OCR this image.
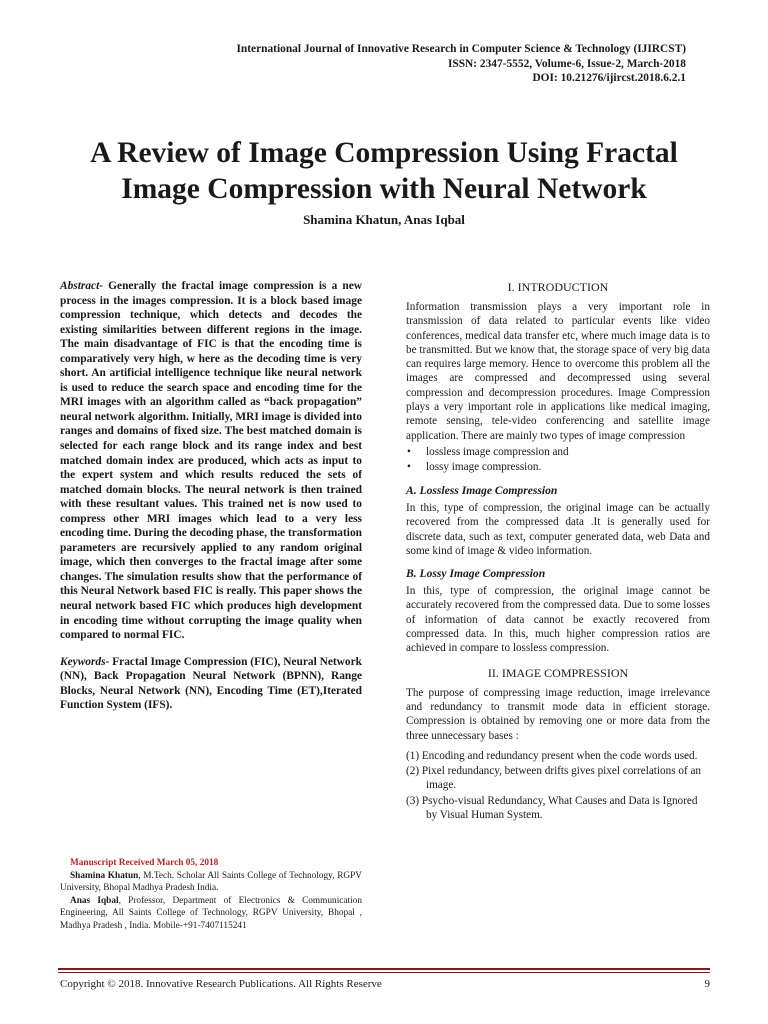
International Journal of Innovative Research in Computer Science & Technology (IJIRCST)
ISSN: 2347-5552, Volume-6, Issue-2, March-2018
DOI: 10.21276/ijircst.2018.6.2.1
A Review of Image Compression Using Fractal
Image Compression with Neural Network
Shamina Khatun, Anas Iqbal

Abstract- Generally the fractal image compression is a new process in the images compression. It is a block based image compression technique, which detects and decodes the existing similarities between different regions in the image. The main disadvantage of FIC is that the encoding time is comparatively very high, w here as the decoding time is very short. An artificial intelligence technique like neural network is used to reduce the search space and encoding time for the MRI images with an algorithm called as “back propagation” neural network algorithm. Initially, MRI image is divided into ranges and domains of fixed size. The best matched domain is selected for each range block and its range index and best matched domain index are produced, which acts as input to the expert system and which results reduced the sets of matched domain blocks. The neural network is then trained with these resultant values. This trained net is now used to compress other MRI images which lead to a very less encoding time. During the decoding phase, the transformation parameters are recursively applied to any random original image, which then converges to the fractal image after some changes. The simulation results show that the performance of this Neural Network based FIC is really. This paper shows the neural network based FIC which produces high development in encoding time without corrupting the image quality when compared to normal FIC.

Keywords- Fractal Image Compression (FIC), Neural Network (NN), Back Propagation Neural Network (BPNN), Range Blocks, Neural Network (NN), Encoding Time (ET),Iterated Function System (IFS).

Manuscript Received March 05, 2018

Shamina Khatun, M.Tech. Scholar All Saints College of Technology, RGPV University, Bhopal Madhya Pradesh India.

Anas Iqbal, Professor, Department of Electronics & Communication Engineering, All Saints College of Technology, RGPV University, Bhopal , Madhya Pradesh , India. Mobile-+91-7407115241

I. INTRODUCTION

Information transmission plays a very important role in transmission of data related to particular events like video conferences, medical data transfer etc, where much image data is to be transmitted. But we know that, the storage space of very big data can requires large memory. Hence to overcome this problem all the images are compressed and decompressed using several compression and decompression procedures. Image Compression plays a very important role in applications like medical imaging, remote sensing, tele-video conferencing and satellite image application. There are mainly two types of image compression

• lossless image compression and
• lossy image compression.
A. Lossless Image Compression

In this, type of compression, the original image can be actually recovered from the compressed data .It is generally used for discrete data, such as text, computer generated data, web Data and some kind of image & video information.

B. Lossy Image Compression

In this, type of compression, the original image cannot be accurately recovered from the compressed data. Due to some losses of information of data cannot be exactly recovered from compressed data. In this, much higher compression ratios are achieved in compare to lossless compression.

II. IMAGE COMPRESSION

The purpose of compressing image reduction, image irrelevance and redundancy to transmit mode data in efficient storage. Compression is obtained by removing one or more data from the three unnecessary bases :

(1) Encoding and redundancy present when the code words used.
(2) Pixel redundancy, between drifts gives pixel correlations of an image.
(3) Psycho-visual Redundancy, What Causes and Data is Ignored by Visual Human System.
Copyright © 2018. Innovative Research Publications. All Rights Reserve	9
